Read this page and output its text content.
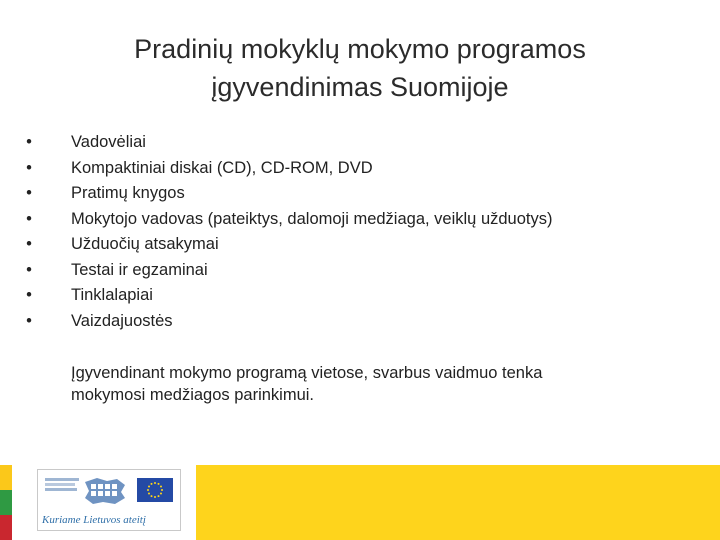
Pradinių mokyklų mokymo programos
įgyvendinimas Suomijoje
• Vadovėliai
• Kompaktiniai diskai (CD), CD-ROM, DVD
• Pratimų knygos
• Mokytojo vadovas (pateiktys, dalomoji medžiaga, veiklų užduotys)
• Užduočių atsakymai
• Testai ir egzaminai
• Tinklalapiai
• Vaizdajuostės
Įgyvendinant mokymo programą vietose, svarbus vaidmuo tenka
mokymosi medžiagos parinkimui.
Kuriame Lietuvos ateitį
